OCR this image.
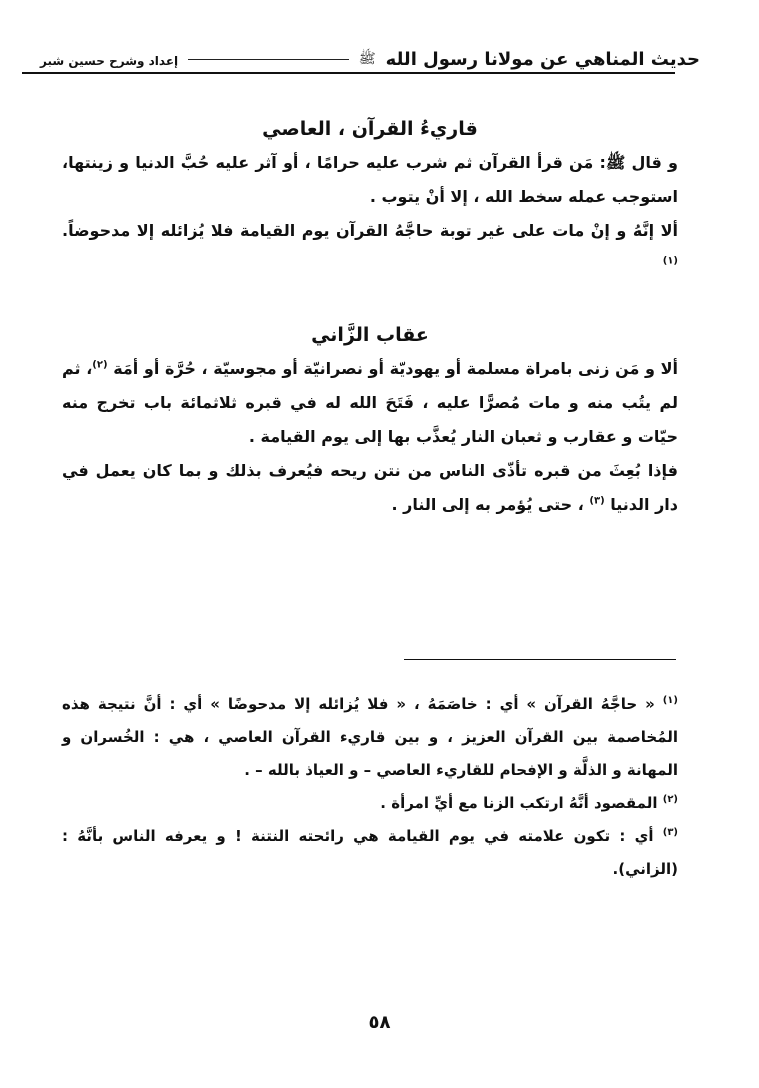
حديث المناهي عن مولانا رسول الله
ﷺ
إعداد وشرح حسين شبر
قاريءُ القرآن ، العاصي

و قال ﷺ: مَن قرأ القرآن ثم شرب عليه حرامًا ، أو آثر عليه حُبَّ الدنيا و زينتها، استوجب عمله سخط الله ، إلا أنْ يتوب .

ألا إنَّهُ و إنْ مات على غير توبة حاجَّهُ القرآن يوم القيامة فلا يُزائله إلا مدحوضاً.$^{(١)}$

عقاب الزَّاني

ألا و مَن زنى بامراة مسلمة أو يهوديّة أو نصرانيّة أو مجوسيّة ، حُرَّة أو أمَة $^{(٢)}$، ثم لم يتُب منه و مات مُصرًّا عليه ، فَتَحَ الله له في قبره ثلاثمائة باب تخرج منه حيّات و عقارب و ثعبان النار يُعذَّب بها إلى يوم القيامة .

فإذا بُعِثَ من قبره تأذّى الناس من نتن ريحه فيُعرف بذلك و بما كان يعمل في دار الدنيا $^{(٣)}$ ، حتى يُؤمر به إلى النار .

$^{(١)}$ « حاجَّهُ القرآن » أي : خاصَمَهُ ، « فلا يُزائله إلا مدحوضًا » أي : أنَّ نتيجة هذه المُخاصمة بين القرآن العزيز ، و بين قاريء القرآن العاصي ، هي : الخُسران و المهانة و الذلَّة و الإفحام للقاريء العاصي – و العياذ بالله – .

$^{(٢)}$ المقصود أنَّهُ ارتكب الزنا مع أيِّ امرأة .

$^{(٣)}$ أي : تكون علامته في يوم القيامة هي رائحته النتنة ! و يعرفه الناس بأنَّهُ : (الزاني).

٥٨
